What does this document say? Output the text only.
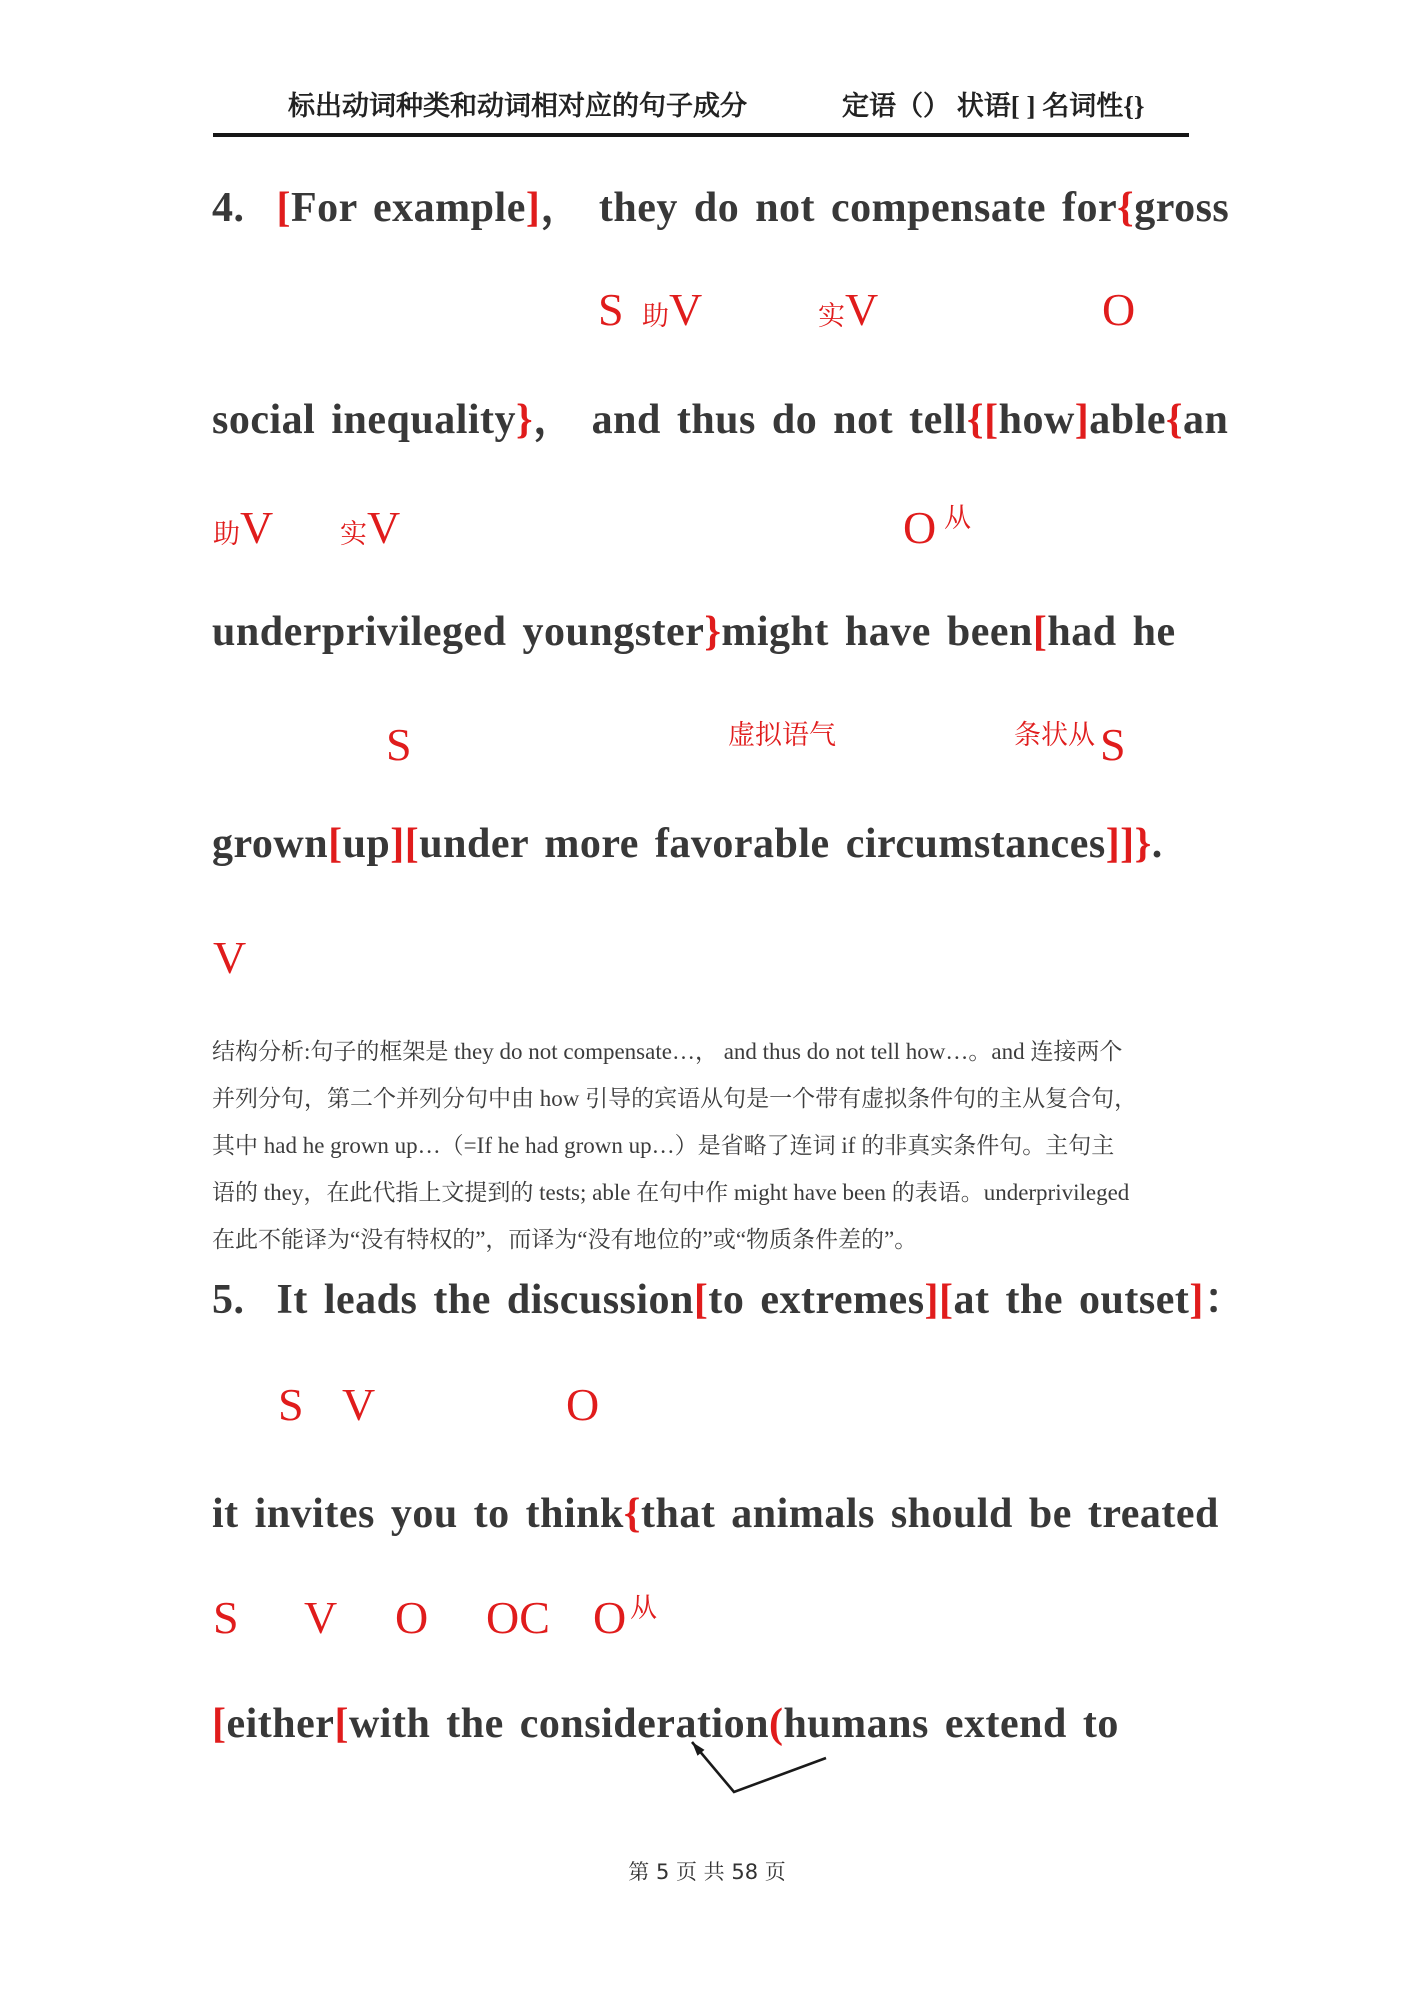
标出动词种类和动词相对应的句子成分	定语（） 状语[ ] 名词性{}
4.  [For example]， they do not compensate for{gross
S 助V	实V	O
social inequality}， and thus do not tell{[how]able{an
助V 实V	O 从
underprivileged youngster}might have been[had he
S	虚拟语气	条状从 S
grown[up][under more favorable circumstances]]}.
V
结构分析:句子的框架是 they do not compensate…， and thus do not tell how…。and 连接两个
并列分句，第二个并列分句中由 how 引导的宾语从句是一个带有虚拟条件句的主从复合句，
其中 had he grown up…（=If he had grown up…）是省略了连词 if 的非真实条件句。主句主
语的 they，在此代指上文提到的 tests; able 在句中作 might have been 的表语。underprivileged
在此不能译为“没有特权的”，而译为“没有地位的”或“物质条件差的”。
5.  It leads the discussion[to extremes][at the outset]：
S V	O
it invites you to think{that animals should be treated
S V O OC O 从
[either[with the consideration(humans extend to
第 5 页 共 58 页
